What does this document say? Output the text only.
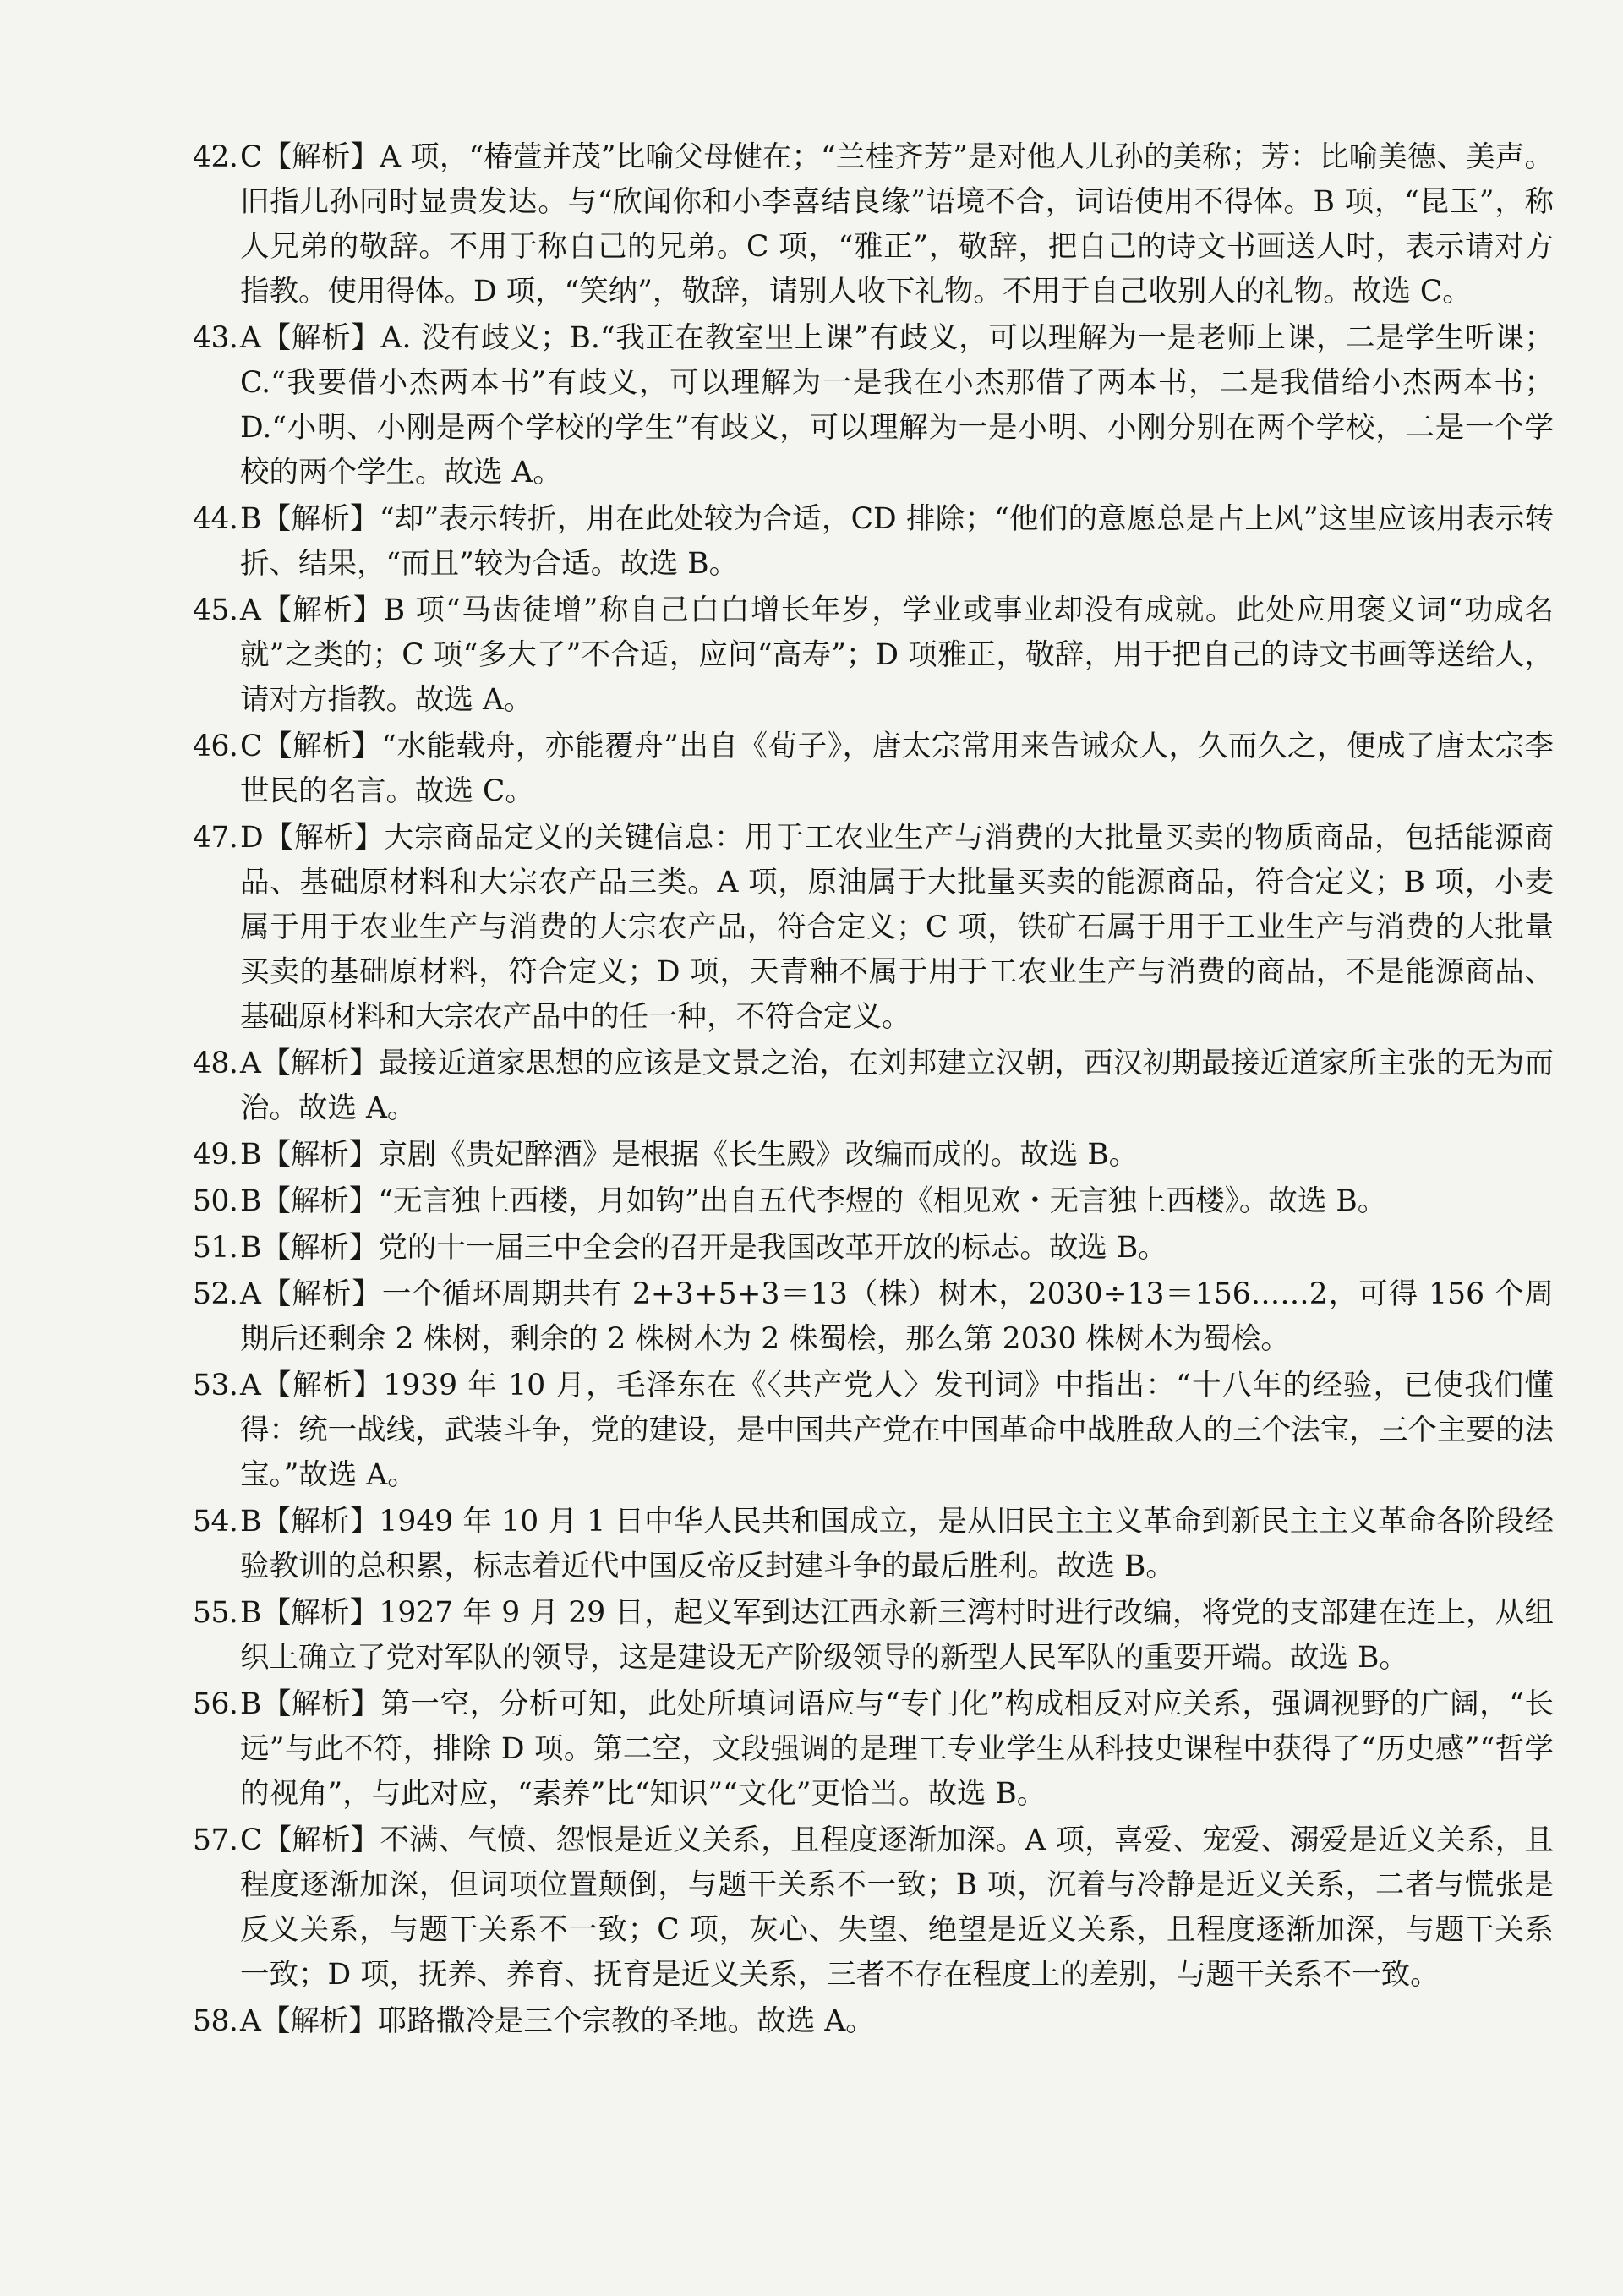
42. C【解析】A 项，“椿萱并茂”比喻父母健在；“兰桂齐芳”是对他人儿孙的美称；芳：比喻美德、美声。旧指儿孙同时显贵发达。与“欣闻你和小李喜结良缘”语境不合，词语使用不得体。B 项，“昆玉”，称人兄弟的敬辞。不用于称自己的兄弟。C 项，“雅正”，敬辞，把自己的诗文书画送人时，表示请对方指教。使用得体。D 项，“笑纳”，敬辞，请别人收下礼物。不用于自己收别人的礼物。故选 C。
43. A【解析】A. 没有歧义；B.“我正在教室里上课”有歧义，可以理解为一是老师上课，二是学生听课；C.“我要借小杰两本书”有歧义，可以理解为一是我在小杰那借了两本书，二是我借给小杰两本书；D.“小明、小刚是两个学校的学生”有歧义，可以理解为一是小明、小刚分别在两个学校，二是一个学校的两个学生。故选 A。
44. B【解析】“却”表示转折，用在此处较为合适，CD 排除；“他们的意愿总是占上风”这里应该用表示转折、结果，“而且”较为合适。故选 B。
45. A【解析】B 项“马齿徒增”称自己白白增长年岁，学业或事业却没有成就。此处应用褒义词“功成名就”之类的；C 项“多大了”不合适，应问“高寿”；D 项雅正，敬辞，用于把自己的诗文书画等送给人，请对方指教。故选 A。
46. C【解析】“水能载舟，亦能覆舟”出自《荀子》，唐太宗常用来告诫众人，久而久之，便成了唐太宗李世民的名言。故选 C。
47. D【解析】大宗商品定义的关键信息：用于工农业生产与消费的大批量买卖的物质商品，包括能源商品、基础原材料和大宗农产品三类。A 项，原油属于大批量买卖的能源商品，符合定义；B 项，小麦属于用于农业生产与消费的大宗农产品，符合定义；C 项，铁矿石属于用于工业生产与消费的大批量买卖的基础原材料，符合定义；D 项，天青釉不属于用于工农业生产与消费的商品，不是能源商品、基础原材料和大宗农产品中的任一种，不符合定义。
48. A【解析】最接近道家思想的应该是文景之治，在刘邦建立汉朝，西汉初期最接近道家所主张的无为而治。故选 A。
49. B【解析】京剧《贵妃醉酒》是根据《长生殿》改编而成的。故选 B。
50. B【解析】“无言独上西楼，月如钩”出自五代李煜的《相见欢・无言独上西楼》。故选 B。
51. B【解析】党的十一届三中全会的召开是我国改革开放的标志。故选 B。
52. A【解析】一个循环周期共有 2+3+5+3＝13（株）树木，2030÷13＝156……2，可得 156 个周期后还剩余 2 株树，剩余的 2 株树木为 2 株蜀桧，那么第 2030 株树木为蜀桧。
53. A【解析】1939 年 10 月，毛泽东在《〈共产党人〉发刊词》中指出：“十八年的经验，已使我们懂得：统一战线，武装斗争，党的建设，是中国共产党在中国革命中战胜敌人的三个法宝，三个主要的法宝。”故选 A。
54. B【解析】1949 年 10 月 1 日中华人民共和国成立，是从旧民主主义革命到新民主主义革命各阶段经验教训的总积累，标志着近代中国反帝反封建斗争的最后胜利。故选 B。
55. B【解析】1927 年 9 月 29 日，起义军到达江西永新三湾村时进行改编，将党的支部建在连上，从组织上确立了党对军队的领导，这是建设无产阶级领导的新型人民军队的重要开端。故选 B。
56. B【解析】第一空，分析可知，此处所填词语应与“专门化”构成相反对应关系，强调视野的广阔，“长远”与此不符，排除 D 项。第二空，文段强调的是理工专业学生从科技史课程中获得了“历史感”“哲学的视角”，与此对应，“素养”比“知识”“文化”更恰当。故选 B。
57. C【解析】不满、气愤、怨恨是近义关系，且程度逐渐加深。A 项，喜爱、宠爱、溺爱是近义关系，且程度逐渐加深，但词项位置颠倒，与题干关系不一致；B 项，沉着与冷静是近义关系，二者与慌张是反义关系，与题干关系不一致；C 项，灰心、失望、绝望是近义关系，且程度逐渐加深，与题干关系一致；D 项，抚养、养育、抚育是近义关系，三者不存在程度上的差别，与题干关系不一致。
58. A【解析】耶路撒冷是三个宗教的圣地。故选 A。
